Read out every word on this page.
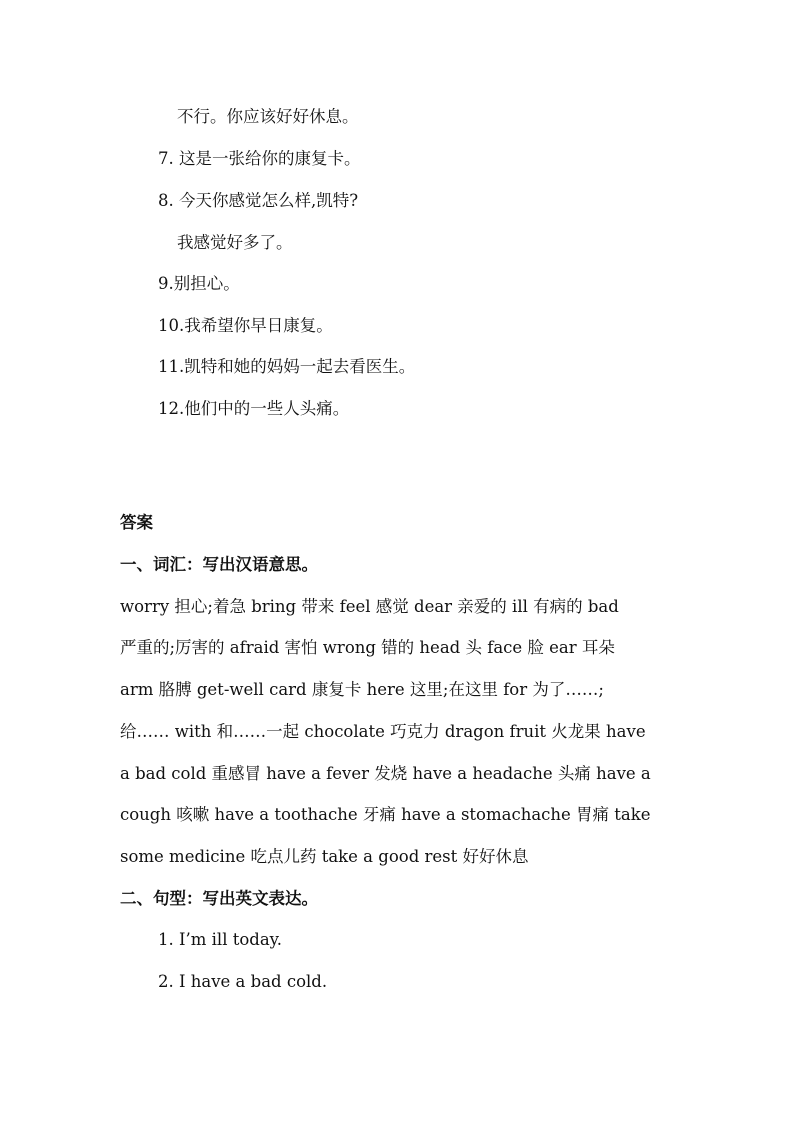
不行。你应该好好休息。
7. 这是一张给你的康复卡。
8. 今天你感觉怎么样,凯特?
我感觉好多了。
9.别担心。
10.我希望你早日康复。
11.凯特和她的妈妈一起去看医生。
12.他们中的一些人头痛。
答案
一、词汇：写出汉语意思。
worry 担心;着急 bring 带来 feel 感觉 dear 亲爱的 ill 有病的 bad
严重的;厉害的 afraid 害怕 wrong 错的 head 头 face 脸 ear 耳朵
arm 胳膊 get-well card 康复卡 here 这里;在这里 for 为了……;
给…… with 和……一起 chocolate 巧克力 dragon fruit 火龙果 have
a bad cold 重感冒 have a fever 发烧 have a headache 头痛 have a
cough 咳嗽 have a toothache 牙痛 have a stomachache 胃痛 take
some medicine 吃点儿药 take a good rest 好好休息
二、句型：写出英文表达。
1. I’m ill today.
2. I have a bad cold.
